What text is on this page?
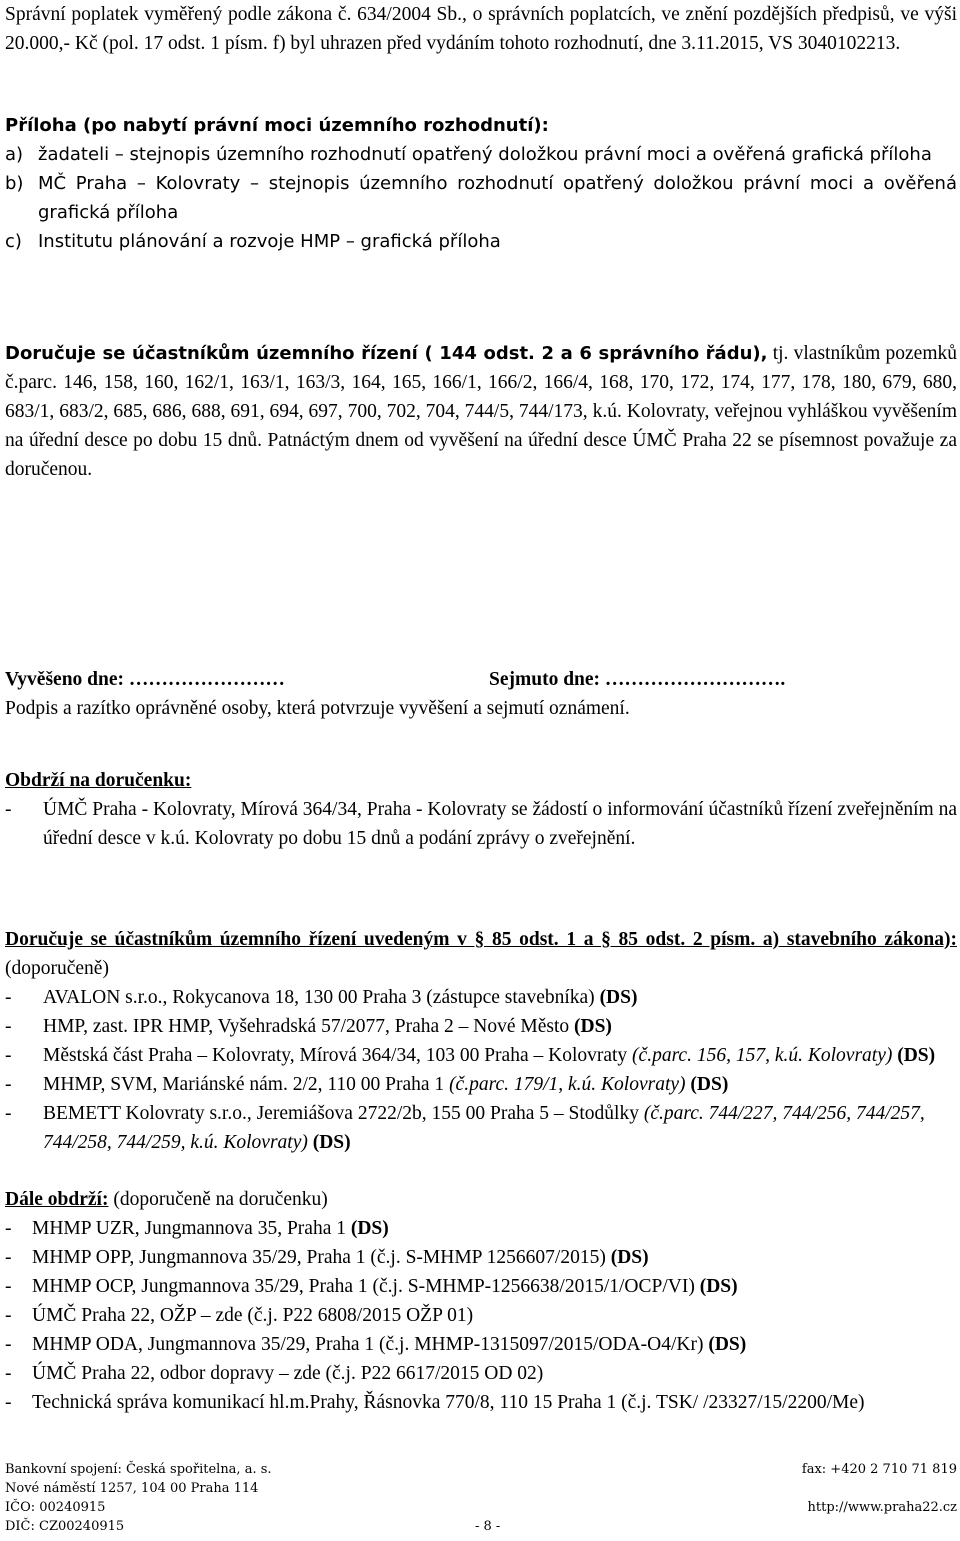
Správní poplatek vyměřený podle zákona č. 634/2004 Sb., o správních poplatcích, ve znění pozdějších předpisů, ve výši 20.000,- Kč (pol. 17 odst. 1 písm. f) byl uhrazen před vydáním tohoto rozhodnutí, dne 3.11.2015, VS 3040102213.

Příloha (po nabytí právní moci územního rozhodnutí):

a) žadateli – stejnopis územního rozhodnutí opatřený doložkou právní moci a ověřená grafická příloha
b) MČ Praha – Kolovraty – stejnopis územního rozhodnutí opatřený doložkou právní moci a ověřená grafická příloha
c) Institutu plánování a rozvoje HMP – grafická příloha

Doručuje se účastníkům územního řízení ( 144 odst. 2 a 6 správního řádu), tj. vlastníkům pozemků č.parc. 146, 158, 160, 162/1, 163/1, 163/3, 164, 165, 166/1, 166/2, 166/4, 168, 170, 172, 174, 177, 178, 180, 679, 680, 683/1, 683/2, 685, 686, 688, 691, 694, 697, 700, 702, 704, 744/5, 744/173, k.ú. Kolovraty, veřejnou vyhláškou vyvěšením na úřední desce po dobu 15 dnů. Patnáctým dnem od vyvěšení na úřední desce ÚMČ Praha 22 se písemnost považuje za doručenou.

Vyvěšeno dne: ……………………	Sejmuto dne: ……………………….

Podpis a razítko oprávněné osoby, která potvrzuje vyvěšení a sejmutí oznámení.

Obdrží na doručenku:

- ÚMČ Praha - Kolovraty, Mírová 364/34, Praha - Kolovraty se žádostí o informování účastníků řízení zveřejněním na úřední desce v k.ú. Kolovraty po dobu 15 dnů a podání zprávy o zveřejnění.

Doručuje se účastníkům územního řízení uvedeným v § 85 odst. 1 a § 85 odst. 2 písm. a) stavebního zákona): (doporučeně)

- AVALON s.r.o., Rokycanova 18, 130 00 Praha 3 (zástupce stavebníka) (DS)
- HMP, zast. IPR HMP, Vyšehradská 57/2077, Praha 2 – Nové Město (DS)
- Městská část Praha – Kolovraty, Mírová 364/34, 103 00 Praha – Kolovraty (č.parc. 156, 157, k.ú. Kolovraty) (DS)
- MHMP, SVM, Mariánské nám. 2/2, 110 00 Praha 1 (č.parc. 179/1, k.ú. Kolovraty) (DS)
- BEMETT Kolovraty s.r.o., Jeremiášova 2722/2b, 155 00 Praha 5 – Stodůlky (č.parc. 744/227, 744/256, 744/257, 744/258, 744/259, k.ú. Kolovraty) (DS)

Dále obdrží: (doporučeně na doručenku)

- MHMP UZR, Jungmannova 35, Praha 1 (DS)
- MHMP OPP, Jungmannova 35/29, Praha 1 (č.j. S-MHMP 1256607/2015) (DS)
- MHMP OCP, Jungmannova 35/29, Praha 1 (č.j. S-MHMP-1256638/2015/1/OCP/VI) (DS)
- ÚMČ Praha 22, OŽP – zde (č.j. P22 6808/2015 OŽP 01)
- MHMP ODA, Jungmannova 35/29, Praha 1 (č.j. MHMP-1315097/2015/ODA-O4/Kr) (DS)
- ÚMČ Praha 22, odbor dopravy – zde (č.j. P22 6617/2015 OD 02)
- Technická správa komunikací hl.m.Prahy, Řásnovka 770/8, 110 15 Praha 1 (č.j. TSK/ /23327/15/2200/Me)
Bankovní spojení: Česká spořitelna, a. s.	fax: +420 2 710 71 819
Nové náměstí 1257, 104 00 Praha 114
IČO: 00240915	http://www.praha22.cz
DIČ: CZ00240915	- 8 -
